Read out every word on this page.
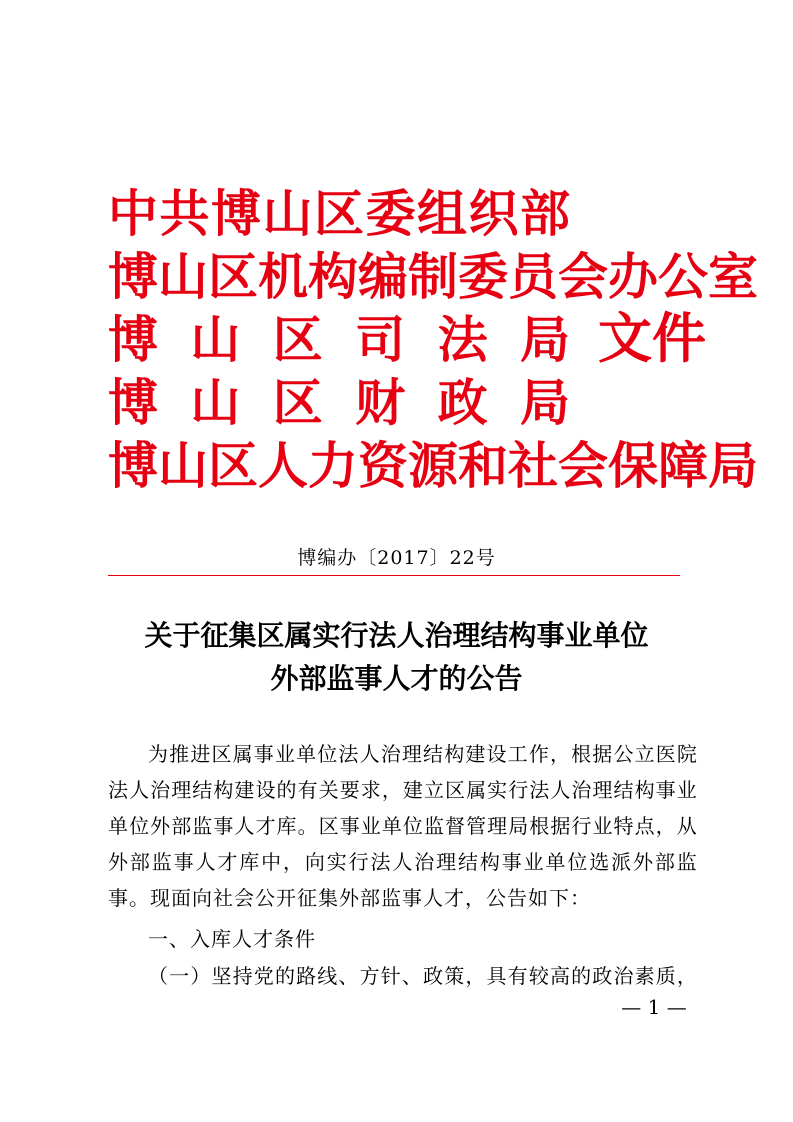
中 共 博 山 区 委 组 织 部
博 山 区 机 构 编 制 委 员 会 办 公 室
博 山 区 司 法 局
博 山 区 财 政 局
博 山 区 人 力 资 源 和 社 会 保 障 局
文件
博编办〔2017〕22号
关于征集区属实行法人治理结构事业单位
外部监事人才的公告
为 推 进 区 属 事 业 单 位 法 人 治 理 结 构 建 设 工 作 ， 根 据 公 立 医 院
法 人 治 理 结 构 建 设 的 有 关 要 求 ， 建 立 区 属 实 行 法 人 治 理 结 构 事 业
单 位 外 部 监 事 人 才 库 。 区 事 业 单 位 监 督 管 理 局 根 据 行 业 特 点 ， 从
外 部 监 事 人 才 库 中 ， 向 实 行 法 人 治 理 结 构 事 业 单 位 选 派 外 部 监
事。现面向社会公开征集外部监事人才，公告如下：
一、入库人才条件
（ 一 ） 坚 持 党 的 路 线 、 方 针 、 政 策 ， 具 有 较 高 的 政 治 素 质 ，
— 1 —
